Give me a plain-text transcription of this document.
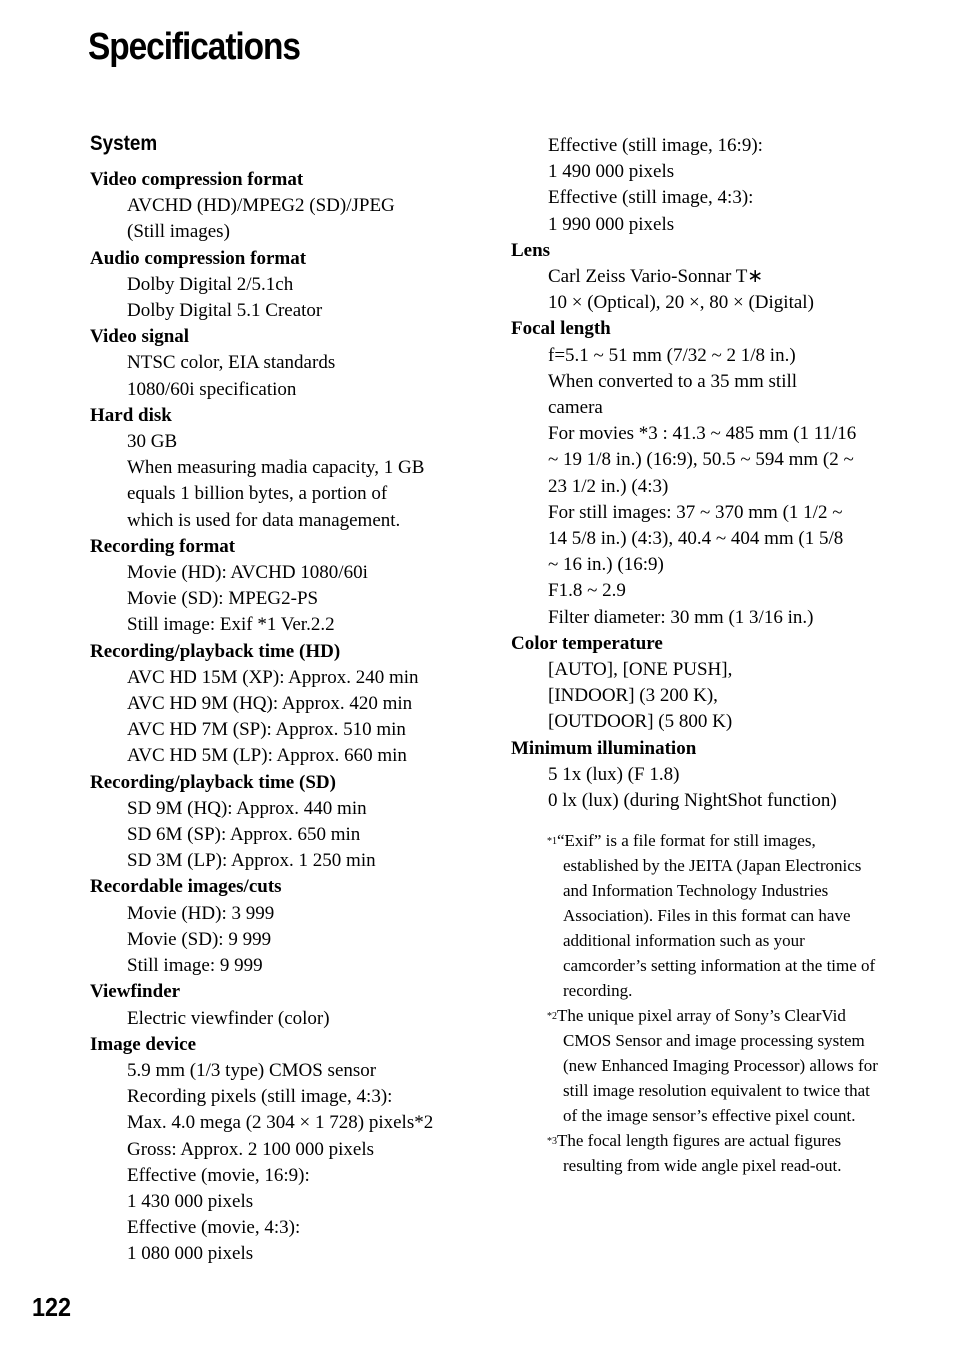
Specifications
System
Video compression format
AVCHD (HD)/MPEG2 (SD)/JPEG
(Still images)
Audio compression format
Dolby Digital 2/5.1ch
Dolby Digital 5.1 Creator
Video signal
NTSC color, EIA standards
1080/60i specification
Hard disk
30 GB
When measuring madia capacity, 1 GB
equals 1 billion bytes, a portion of
which is used for data management.
Recording format
Movie (HD): AVCHD 1080/60i
Movie (SD): MPEG2-PS
Still image: Exif *1 Ver.2.2
Recording/playback time (HD)
AVC HD 15M (XP): Approx. 240 min
AVC HD 9M (HQ): Approx. 420 min
AVC HD 7M (SP): Approx. 510 min
AVC HD 5M (LP): Approx. 660 min
Recording/playback time (SD)
SD 9M (HQ): Approx. 440 min
SD 6M (SP): Approx. 650 min
SD 3M (LP): Approx. 1 250 min
Recordable images/cuts
Movie (HD): 3 999
Movie (SD): 9 999
Still image: 9 999
Viewfinder
Electric viewfinder (color)
Image device
5.9 mm (1/3 type) CMOS sensor
Recording pixels (still image, 4:3):
Max. 4.0 mega (2 304 × 1 728) pixels*2
Gross: Approx. 2 100 000 pixels
Effective (movie, 16:9):
1 430 000 pixels
Effective (movie, 4:3):
1 080 000 pixels
Effective (still image, 16:9):
1 490 000 pixels
Effective (still image, 4:3):
1 990 000 pixels
Lens
Carl Zeiss Vario-Sonnar T∗
10 × (Optical), 20 ×, 80 × (Digital)
Focal length
f=5.1 ~ 51 mm (7/32 ~ 2 1/8 in.)
When converted to a 35 mm still
camera
For movies *3 : 41.3 ~ 485 mm (1 11/16
~ 19 1/8 in.) (16:9), 50.5 ~ 594 mm (2 ~
23 1/2 in.) (4:3)
For still images: 37 ~ 370 mm (1 1/2 ~
14 5/8 in.) (4:3), 40.4 ~ 404 mm (1 5/8
~ 16 in.) (16:9)
F1.8 ~ 2.9
Filter diameter: 30 mm (1 3/16 in.)
Color temperature
[AUTO], [ONE PUSH],
[INDOOR] (3 200 K),
[OUTDOOR] (5 800 K)
Minimum illumination
5 1x (lux) (F 1.8)
0 lx (lux) (during NightShot function)
$^{*1}$“Exif” is a file format for still images, established by the JEITA (Japan Electronics and Information Technology Industries Association). Files in this format can have additional information such as your camcorder’s setting information at the time of recording.
$^{*2}$The unique pixel array of Sony’s ClearVid CMOS Sensor and image processing system (new Enhanced Imaging Processor) allows for still image resolution equivalent to twice that of the image sensor’s effective pixel count.
$^{*3}$The focal length figures are actual figures resulting from wide angle pixel read-out.
122
